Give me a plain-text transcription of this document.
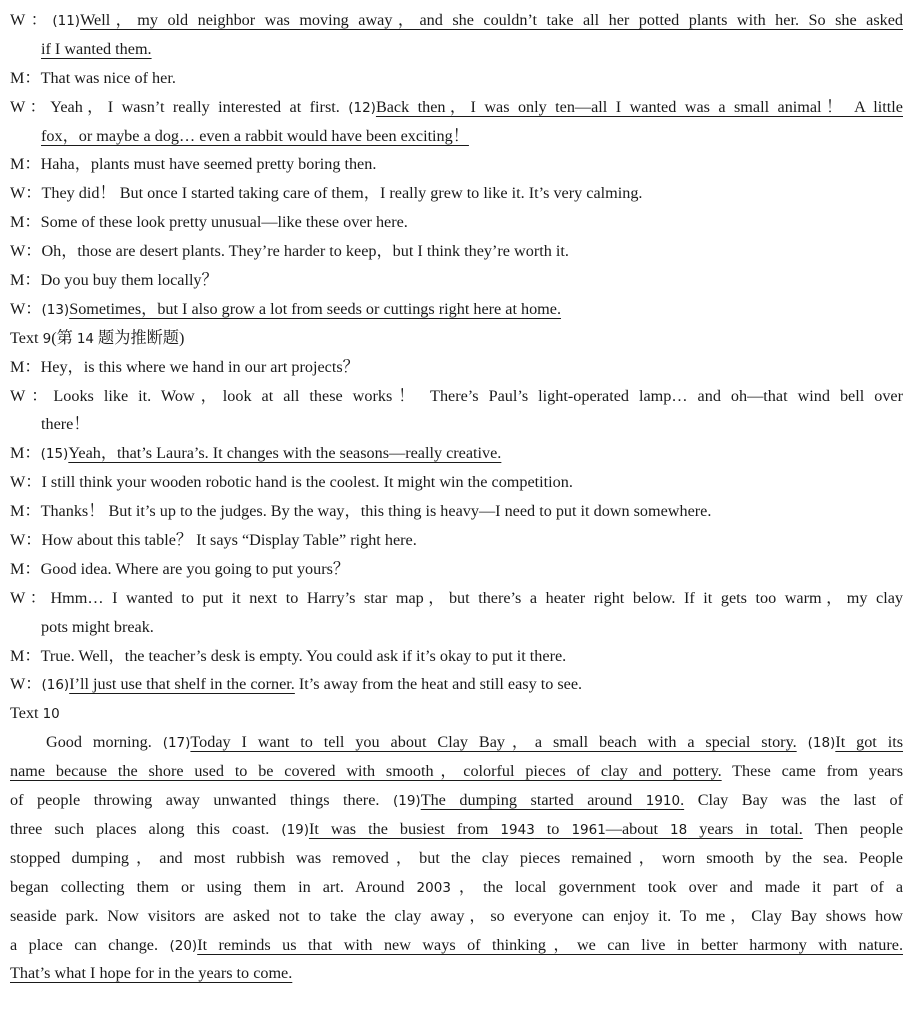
W：(11)Well，my old neighbor was moving away，and she couldn’t take all her potted plants with her. So she asked
if I wanted them.
M：That was nice of her.
W：Yeah，I wasn’t really interested at first. (12)Back then，I was only ten—all I wanted was a small animal！ A little
fox，or maybe a dog… even a rabbit would have been exciting！
M：Haha，plants must have seemed pretty boring then.
W：They did！ But once I started taking care of them，I really grew to like it. It’s very calming.
M：Some of these look pretty unusual—like these over here.
W：Oh，those are desert plants. They’re harder to keep，but I think they’re worth it.
M：Do you buy them locally？
W：(13)Sometimes，but I also grow a lot from seeds or cuttings right here at home.
Text 9(第 14 题为推断题)
M：Hey，is this where we hand in our art projects？
W：Looks like it. Wow，look at all these works！ There’s Paul’s light-operated lamp… and oh—that wind bell over
there！
M：(15)Yeah，that’s Laura’s. It changes with the seasons—really creative.
W：I still think your wooden robotic hand is the coolest. It might win the competition.
M：Thanks！ But it’s up to the judges. By the way，this thing is heavy—I need to put it down somewhere.
W：How about this table？ It says “Display Table” right here.
M：Good idea. Where are you going to put yours？
W：Hmm… I wanted to put it next to Harry’s star map，but there’s a heater right below. If it gets too warm，my clay
pots might break.
M：True. Well，the teacher’s desk is empty. You could ask if it’s okay to put it there.
W：(16)I’ll just use that shelf in the corner. It’s away from the heat and still easy to see.
Text 10
Good morning. (17)Today I want to tell you about Clay Bay，a small beach with a special story. (18)It got its
name because the shore used to be covered with smooth，colorful pieces of clay and pottery. These came from years
of people throwing away unwanted things there. (19)The dumping started around 1910. Clay Bay was the last of
three such places along this coast. (19)It was the busiest from 1943 to 1961—about 18 years in total. Then people
stopped dumping，and most rubbish was removed，but the clay pieces remained，worn smooth by the sea. People
began collecting them or using them in art. Around 2003，the local government took over and made it part of a
seaside park. Now visitors are asked not to take the clay away，so everyone can enjoy it. To me，Clay Bay shows how
a place can change. (20)It reminds us that with new ways of thinking，we can live in better harmony with nature.
That’s what I hope for in the years to come.
